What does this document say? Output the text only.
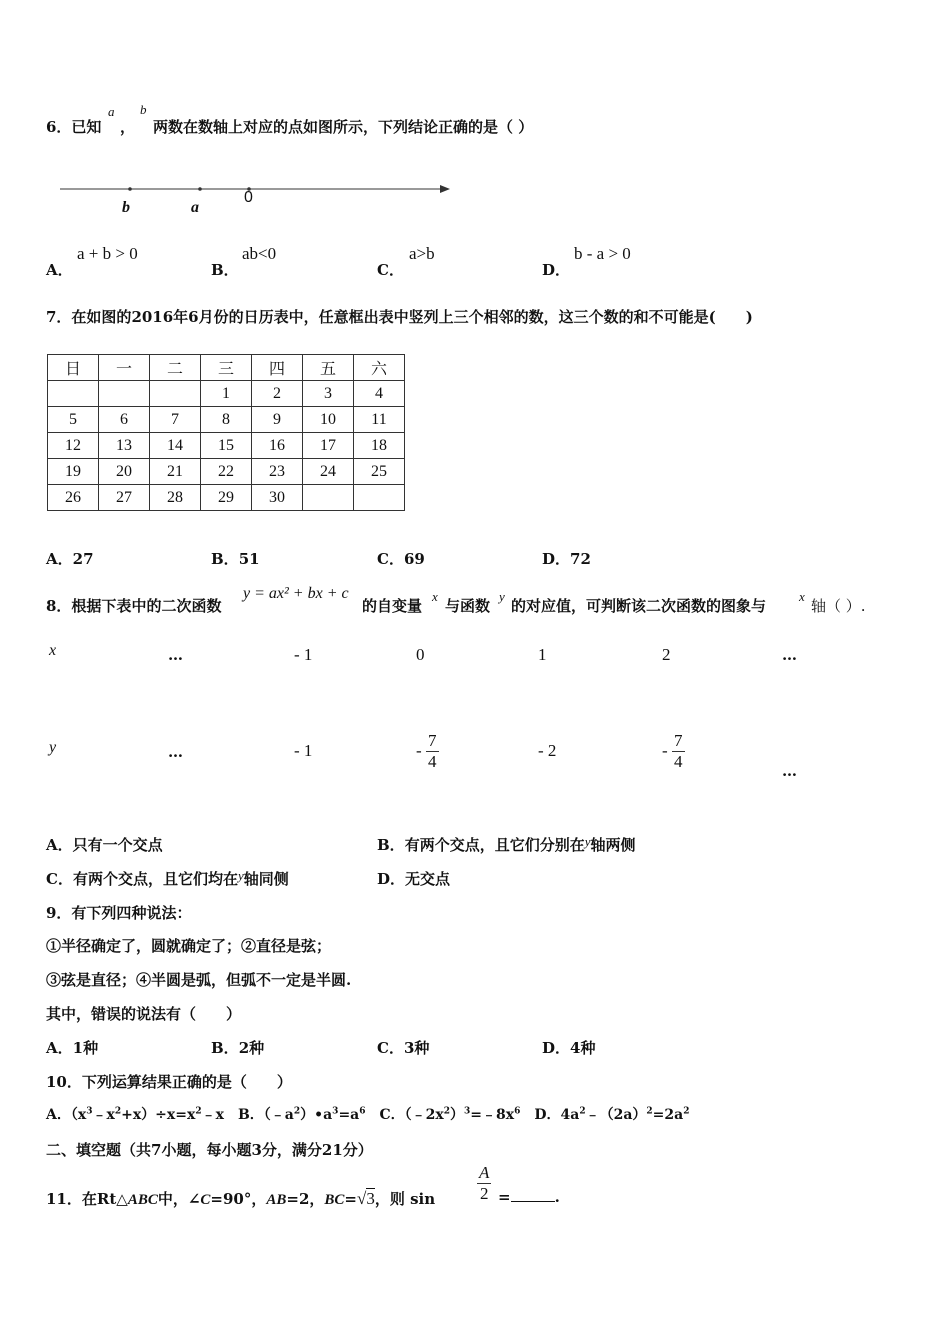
6．已知
a
，
b
两数在数轴上对应的点如图所示，下列结论正确的是（ ）
b	a
0
A．
a + b > 0
B．
ab<0
C．
a>b
D．
b - a > 0
7．在如图的2016年6月份的日历表中，任意框出表中竖列上三个相邻的数，这三个数的和不可能是(　　)
日	一	二	三	四	五	六
			1	2	3	4
5	6	7	8	9	10	11
12	13	14	15	16	17	18
19	20	21	22	23	24	25
26	27	28	29	30		
A．27	B．51	C．69	D．72
8．根据下表中的二次函数
y = ax² + bx + c
的自变量
x
与函数
y
的对应值，可判断该二次函数的图象与
x
轴（ ）.
x	…	- 1	0	1	2	…
y	…	- 1	- $\frac{7}{4}$	- 2	- $\frac{7}{4}$	…
A．只有一个交点	B．有两个交点，且它们分别在y轴两侧
C．有两个交点，且它们均在y轴同侧	D．无交点
9．有下列四种说法：
①半径确定了，圆就确定了；②直径是弦；
③弦是直径；④半圆是弧，但弧不一定是半圆.
其中，错误的说法有（　　）
A．1种	B．2种	C．3种	D．4种
10．下列运算结果正确的是（　　）
A．$(x^3﹣x^2+x)\div x=x^2﹣x$　B．$(﹣a^2)•a^3=a^6$　C．$(﹣2x^2)^3=﹣8x^6$　D．$4a^2﹣(2a)^2=2a^2$
二、填空题（共7小题，每小题3分，满分21分）
11．在Rt△ABC中，∠C=90°，AB=2，BC=√3，则 $\sin \frac{A}{2}$ =	.
